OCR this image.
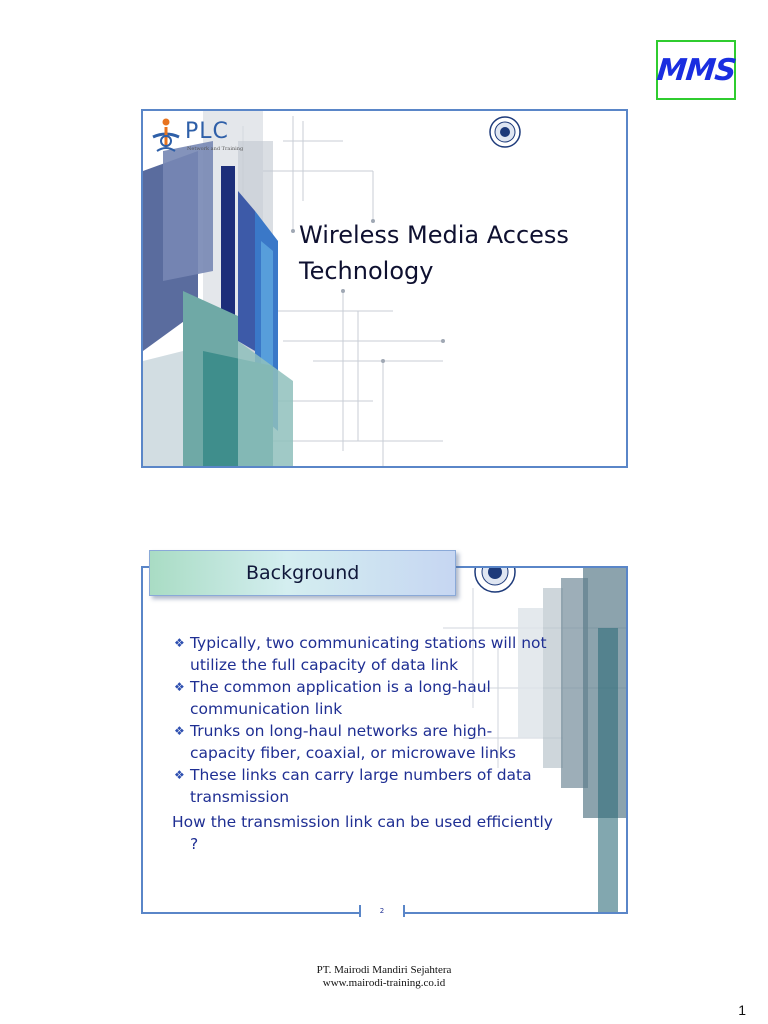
MMS
PLC
Network and Training
Wireless Media Access
Technology
Background
❖ Typically, two communicating stations will not
utilize the full capacity of data link
❖ The common application is a long-haul
communication link
❖ Trunks on long-haul networks are high-
capacity fiber, coaxial, or microwave links
❖ These links can carry large numbers of data
transmission
How the transmission link can be used efficiently
?
2
PT. Mairodi Mandiri Sejahtera
www.mairodi-training.co.id
1
